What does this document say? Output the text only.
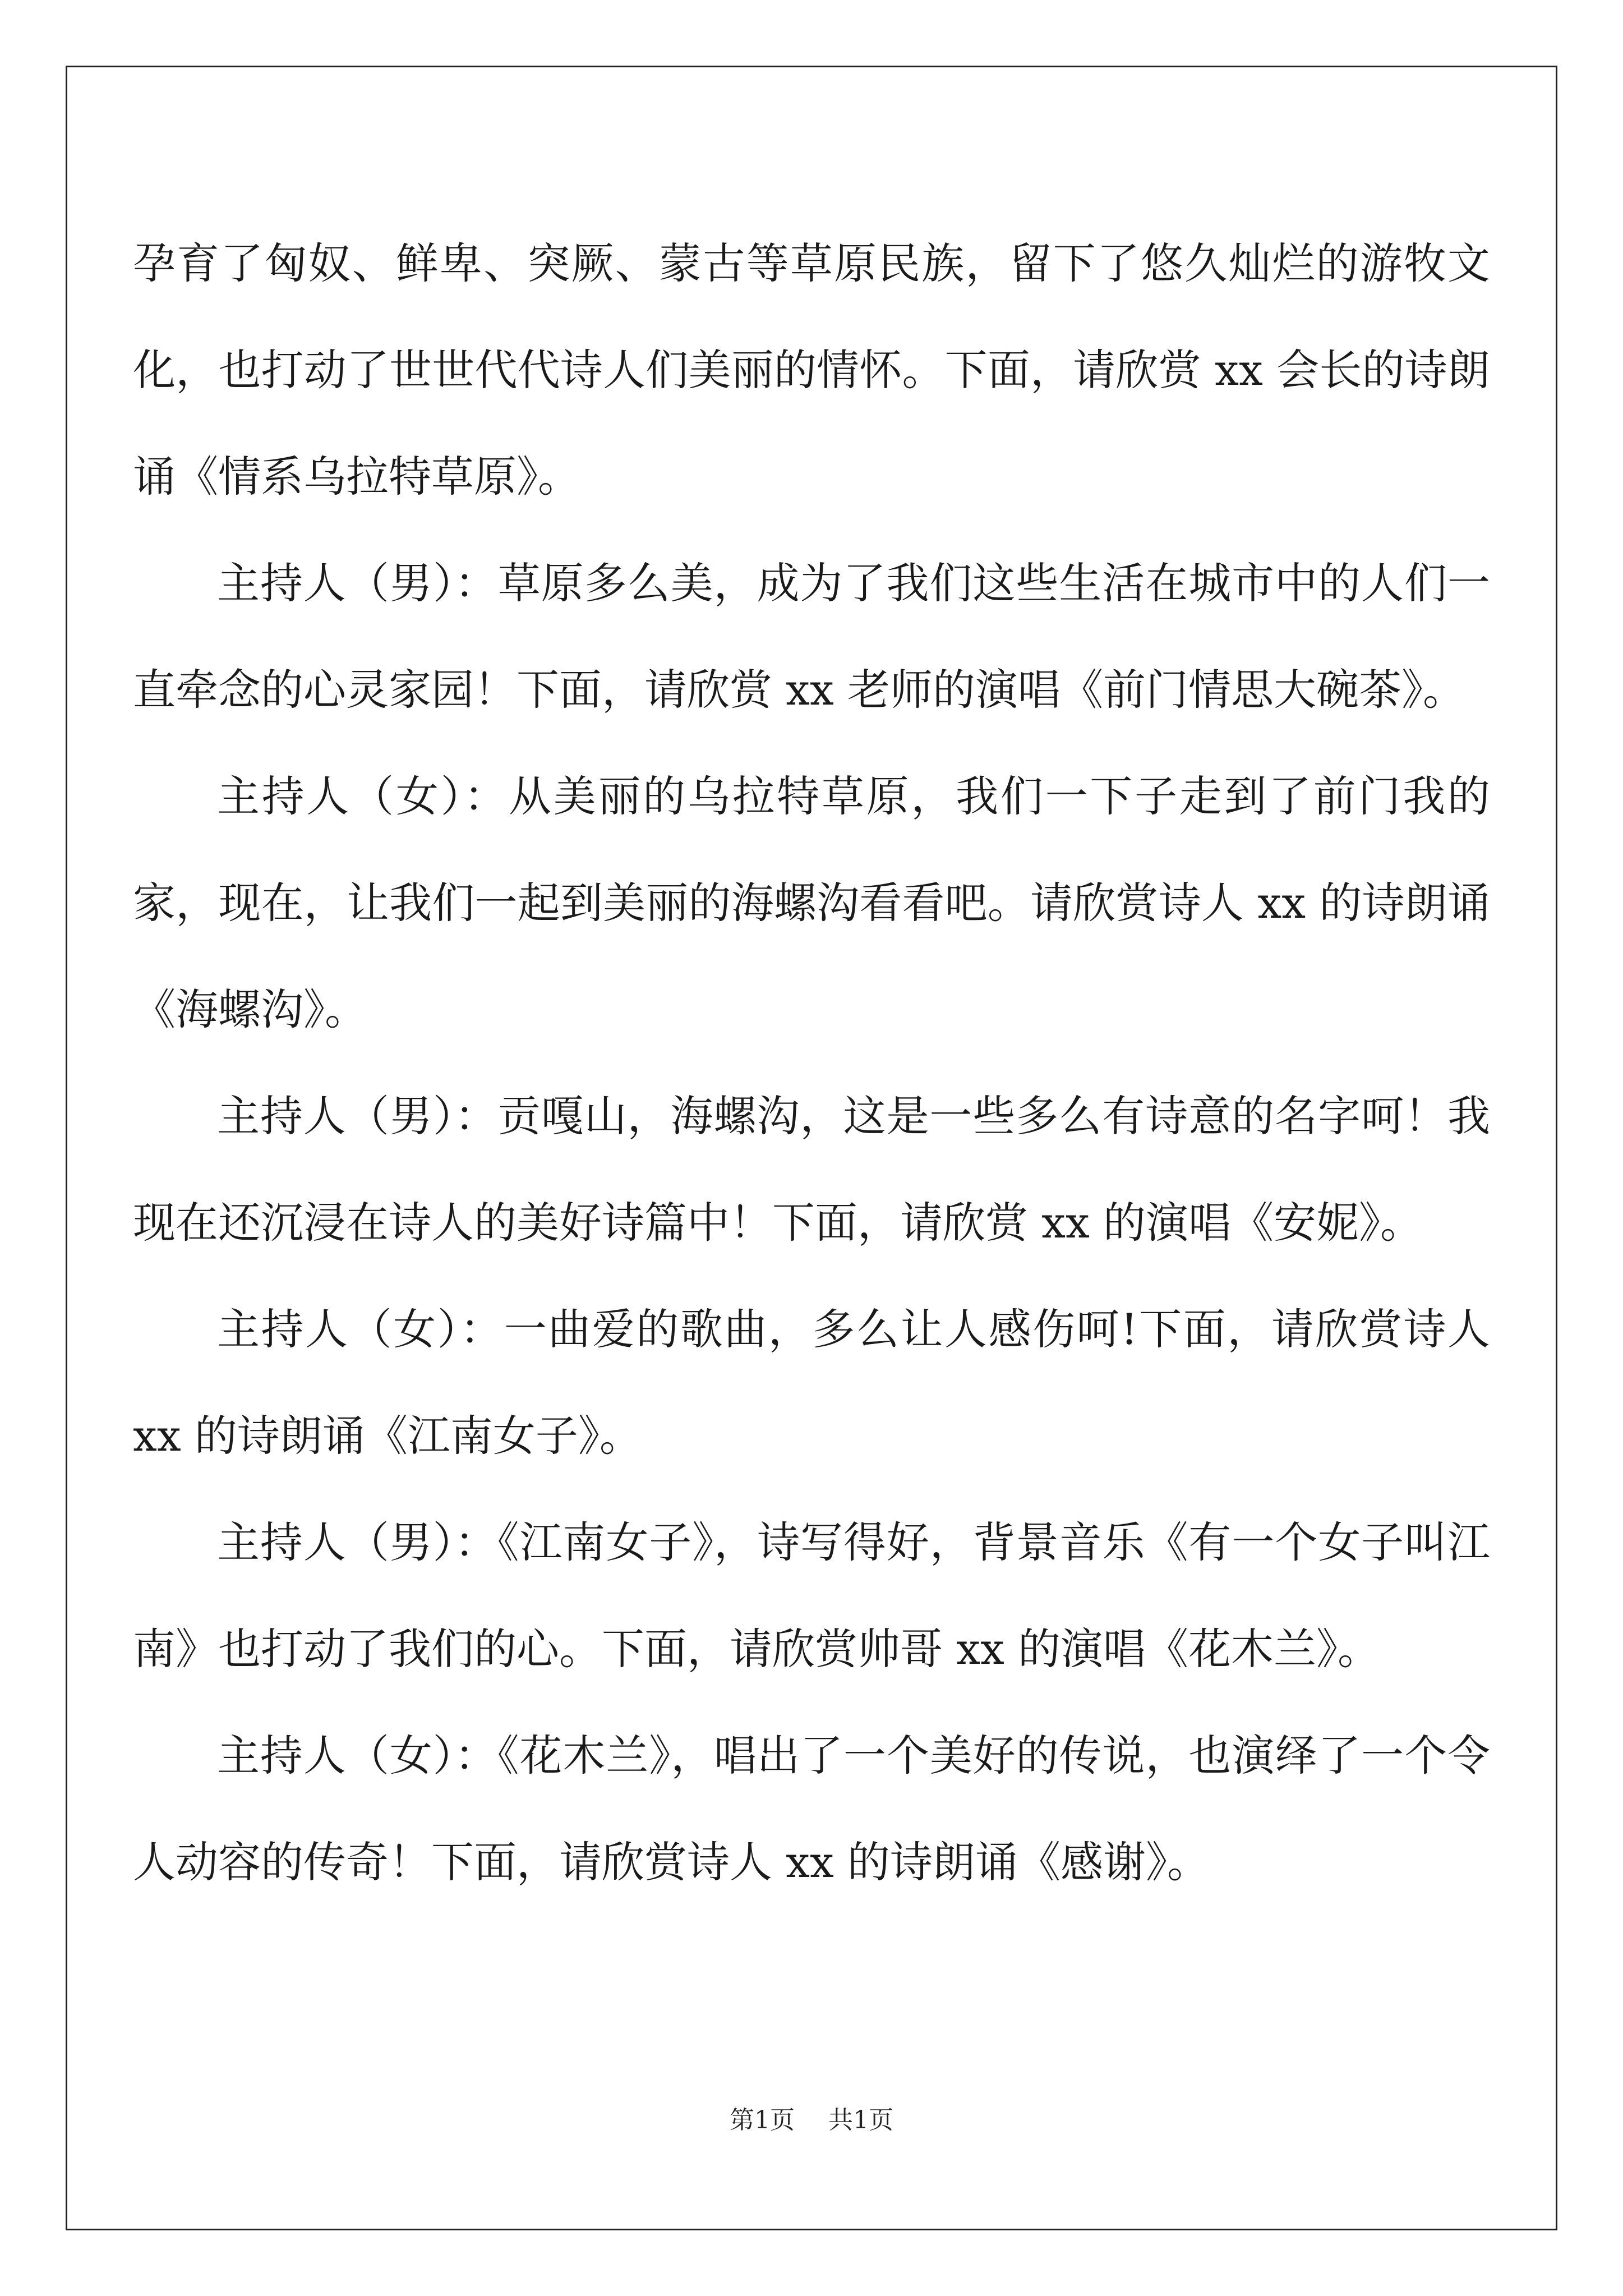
孕育了匈奴、鲜卑、突厥、蒙古等草原民族，留下了悠久灿烂的游牧文化，也打动了世世代代诗人们美丽的情怀。下面，请欣赏 xx 会长的诗朗诵《情系乌拉特草原》。

主持人（男）：草原多么美，成为了我们这些生活在城市中的人们一直牵念的心灵家园！下面，请欣赏 xx 老师的演唱《前门情思大碗茶》。

主持人（女）：从美丽的乌拉特草原，我们一下子走到了前门我的家，现在，让我们一起到美丽的海螺沟看看吧。请欣赏诗人 xx 的诗朗诵《海螺沟》。

主持人（男）：贡嘎山，海螺沟，这是一些多么有诗意的名字呵！我现在还沉浸在诗人的美好诗篇中！下面，请欣赏 xx 的演唱《安妮》。

主持人（女）：一曲爱的歌曲，多么让人感伤呵!下面，请欣赏诗人 xx 的诗朗诵《江南女子》。

主持人（男）：《江南女子》，诗写得好，背景音乐《有一个女子叫江南》也打动了我们的心。下面，请欣赏帅哥 xx 的演唱《花木兰》。

主持人（女）：《花木兰》，唱出了一个美好的传说，也演绎了一个令人动容的传奇！下面，请欣赏诗人 xx 的诗朗诵《感谢》。

第1页 共1页
